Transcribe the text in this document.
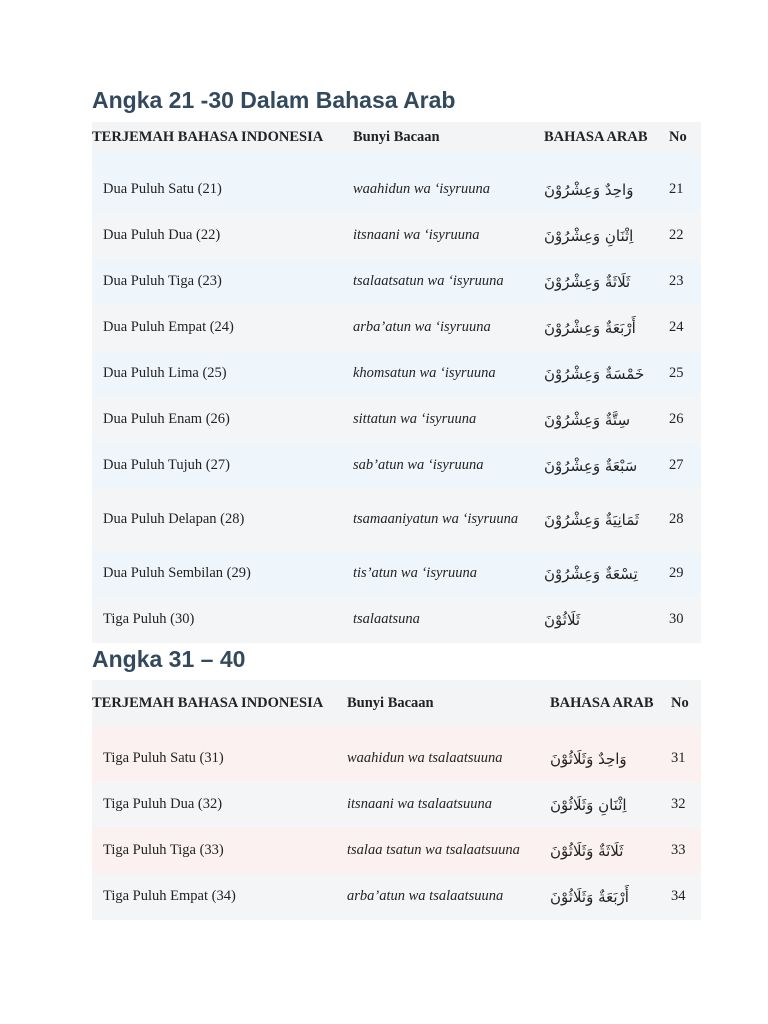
Angka 21 -30 Dalam Bahasa Arab
TERJEMAH BAHASA INDONESIA	Bunyi Bacaan	BAHASA ARAB	No

Dua Puluh Satu (21)	waahidun wa ‘isyruuna	وَاحِدٌ وَعِشْرُوْنَ	21
Dua Puluh Dua (22)	itsnaani wa ‘isyruuna	اِثْنَانِ وَعِشْرُوْنَ	22
Dua Puluh Tiga (23)	tsalaatsatun wa ‘isyruuna	ثَلَاثَةٌ وَعِشْرُوْنَ	23
Dua Puluh Empat (24)	arba’atun wa ‘isyruuna	أَرْبَعَةٌ وَعِشْرُوْنَ	24
Dua Puluh Lima (25)	khomsatun wa ‘isyruuna	خَمْسَةٌ وَعِشْرُوْنَ	25
Dua Puluh Enam (26)	sittatun wa ‘isyruuna	سِتَّةٌ وَعِشْرُوْنَ	26
Dua Puluh Tujuh (27)	sab’atun wa ‘isyruuna	سَبْعَةٌ وَعِشْرُوْنَ	27
Dua Puluh Delapan (28)	tsamaaniyatun wa ‘isyruuna	ثَمَانِيَةٌ وَعِشْرُوْنَ	28
Dua Puluh Sembilan (29)	tis’atun wa ‘isyruuna	تِسْعَةٌ وَعِشْرُوْنَ	29
Tiga Puluh (30)	tsalaatsuna	ثَلَاثُوْنَ	30
Angka 31 – 40
TERJEMAH BAHASA INDONESIA	Bunyi Bacaan	BAHASA ARAB	No

Tiga Puluh Satu (31)	waahidun wa tsalaatsuuna	وَاحِدٌ وَثَلَاثُوْنَ	31
Tiga Puluh Dua (32)	itsnaani wa tsalaatsuuna	اِثْنَانِ وَثَلَاثُوْنَ	32
Tiga Puluh Tiga (33)	tsalaa tsatun wa tsalaatsuuna	ثَلَاثَةٌ وَثَلَاثُوْنَ	33
Tiga Puluh Empat (34)	arba’atun wa tsalaatsuuna	أَرْبَعَةٌ وَثَلَاثُوْنَ	34
